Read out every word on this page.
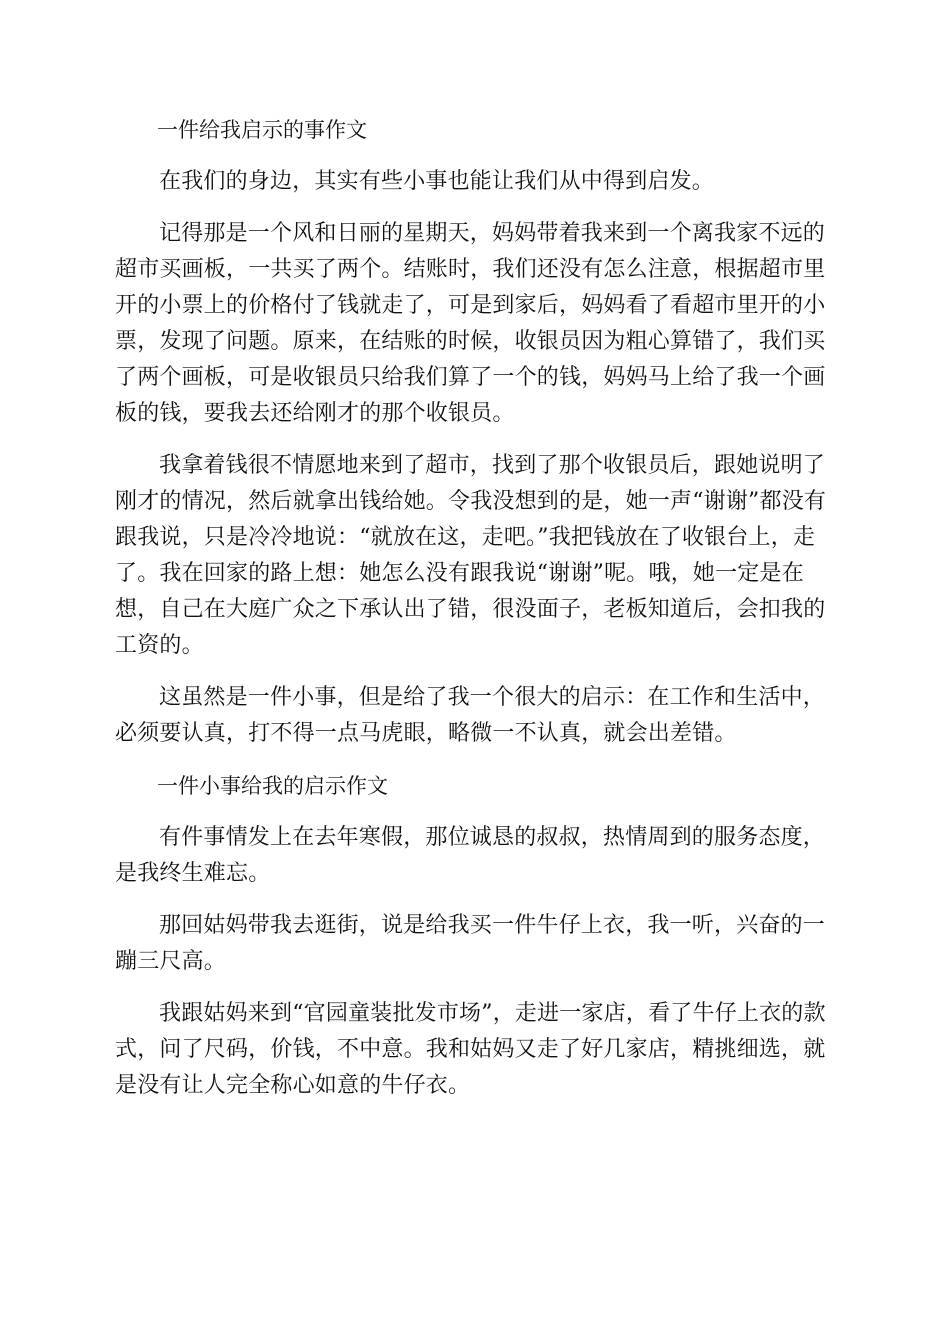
一件给我启示的事作文

在我们的身边，其实有些小事也能让我们从中得到启发。

记得那是一个风和日丽的星期天，妈妈带着我来到一个离我家不远的超市买画板，一共买了两个。结账时，我们还没有怎么注意，根据超市里开的小票上的价格付了钱就走了，可是到家后，妈妈看了看超市里开的小票，发现了问题。原来，在结账的时候，收银员因为粗心算错了，我们买了两个画板，可是收银员只给我们算了一个的钱，妈妈马上给了我一个画板的钱，要我去还给刚才的那个收银员。

我拿着钱很不情愿地来到了超市，找到了那个收银员后，跟她说明了刚才的情况，然后就拿出钱给她。令我没想到的是，她一声“谢谢”都没有跟我说，只是冷冷地说：“就放在这，走吧。”我把钱放在了收银台上，走了。我在回家的路上想：她怎么没有跟我说“谢谢”呢。哦，她一定是在想，自己在大庭广众之下承认出了错，很没面子，老板知道后，会扣我的工资的。

这虽然是一件小事，但是给了我一个很大的启示：在工作和生活中，必须要认真，打不得一点马虎眼，略微一不认真，就会出差错。

一件小事给我的启示作文

有件事情发上在去年寒假，那位诚恳的叔叔，热情周到的服务态度，是我终生难忘。

那回姑妈带我去逛街，说是给我买一件牛仔上衣，我一听，兴奋的一蹦三尺高。

我跟姑妈来到“官园童装批发市场”，走进一家店，看了牛仔上衣的款式，问了尺码，价钱，不中意。我和姑妈又走了好几家店，精挑细选，就是没有让人完全称心如意的牛仔衣。
